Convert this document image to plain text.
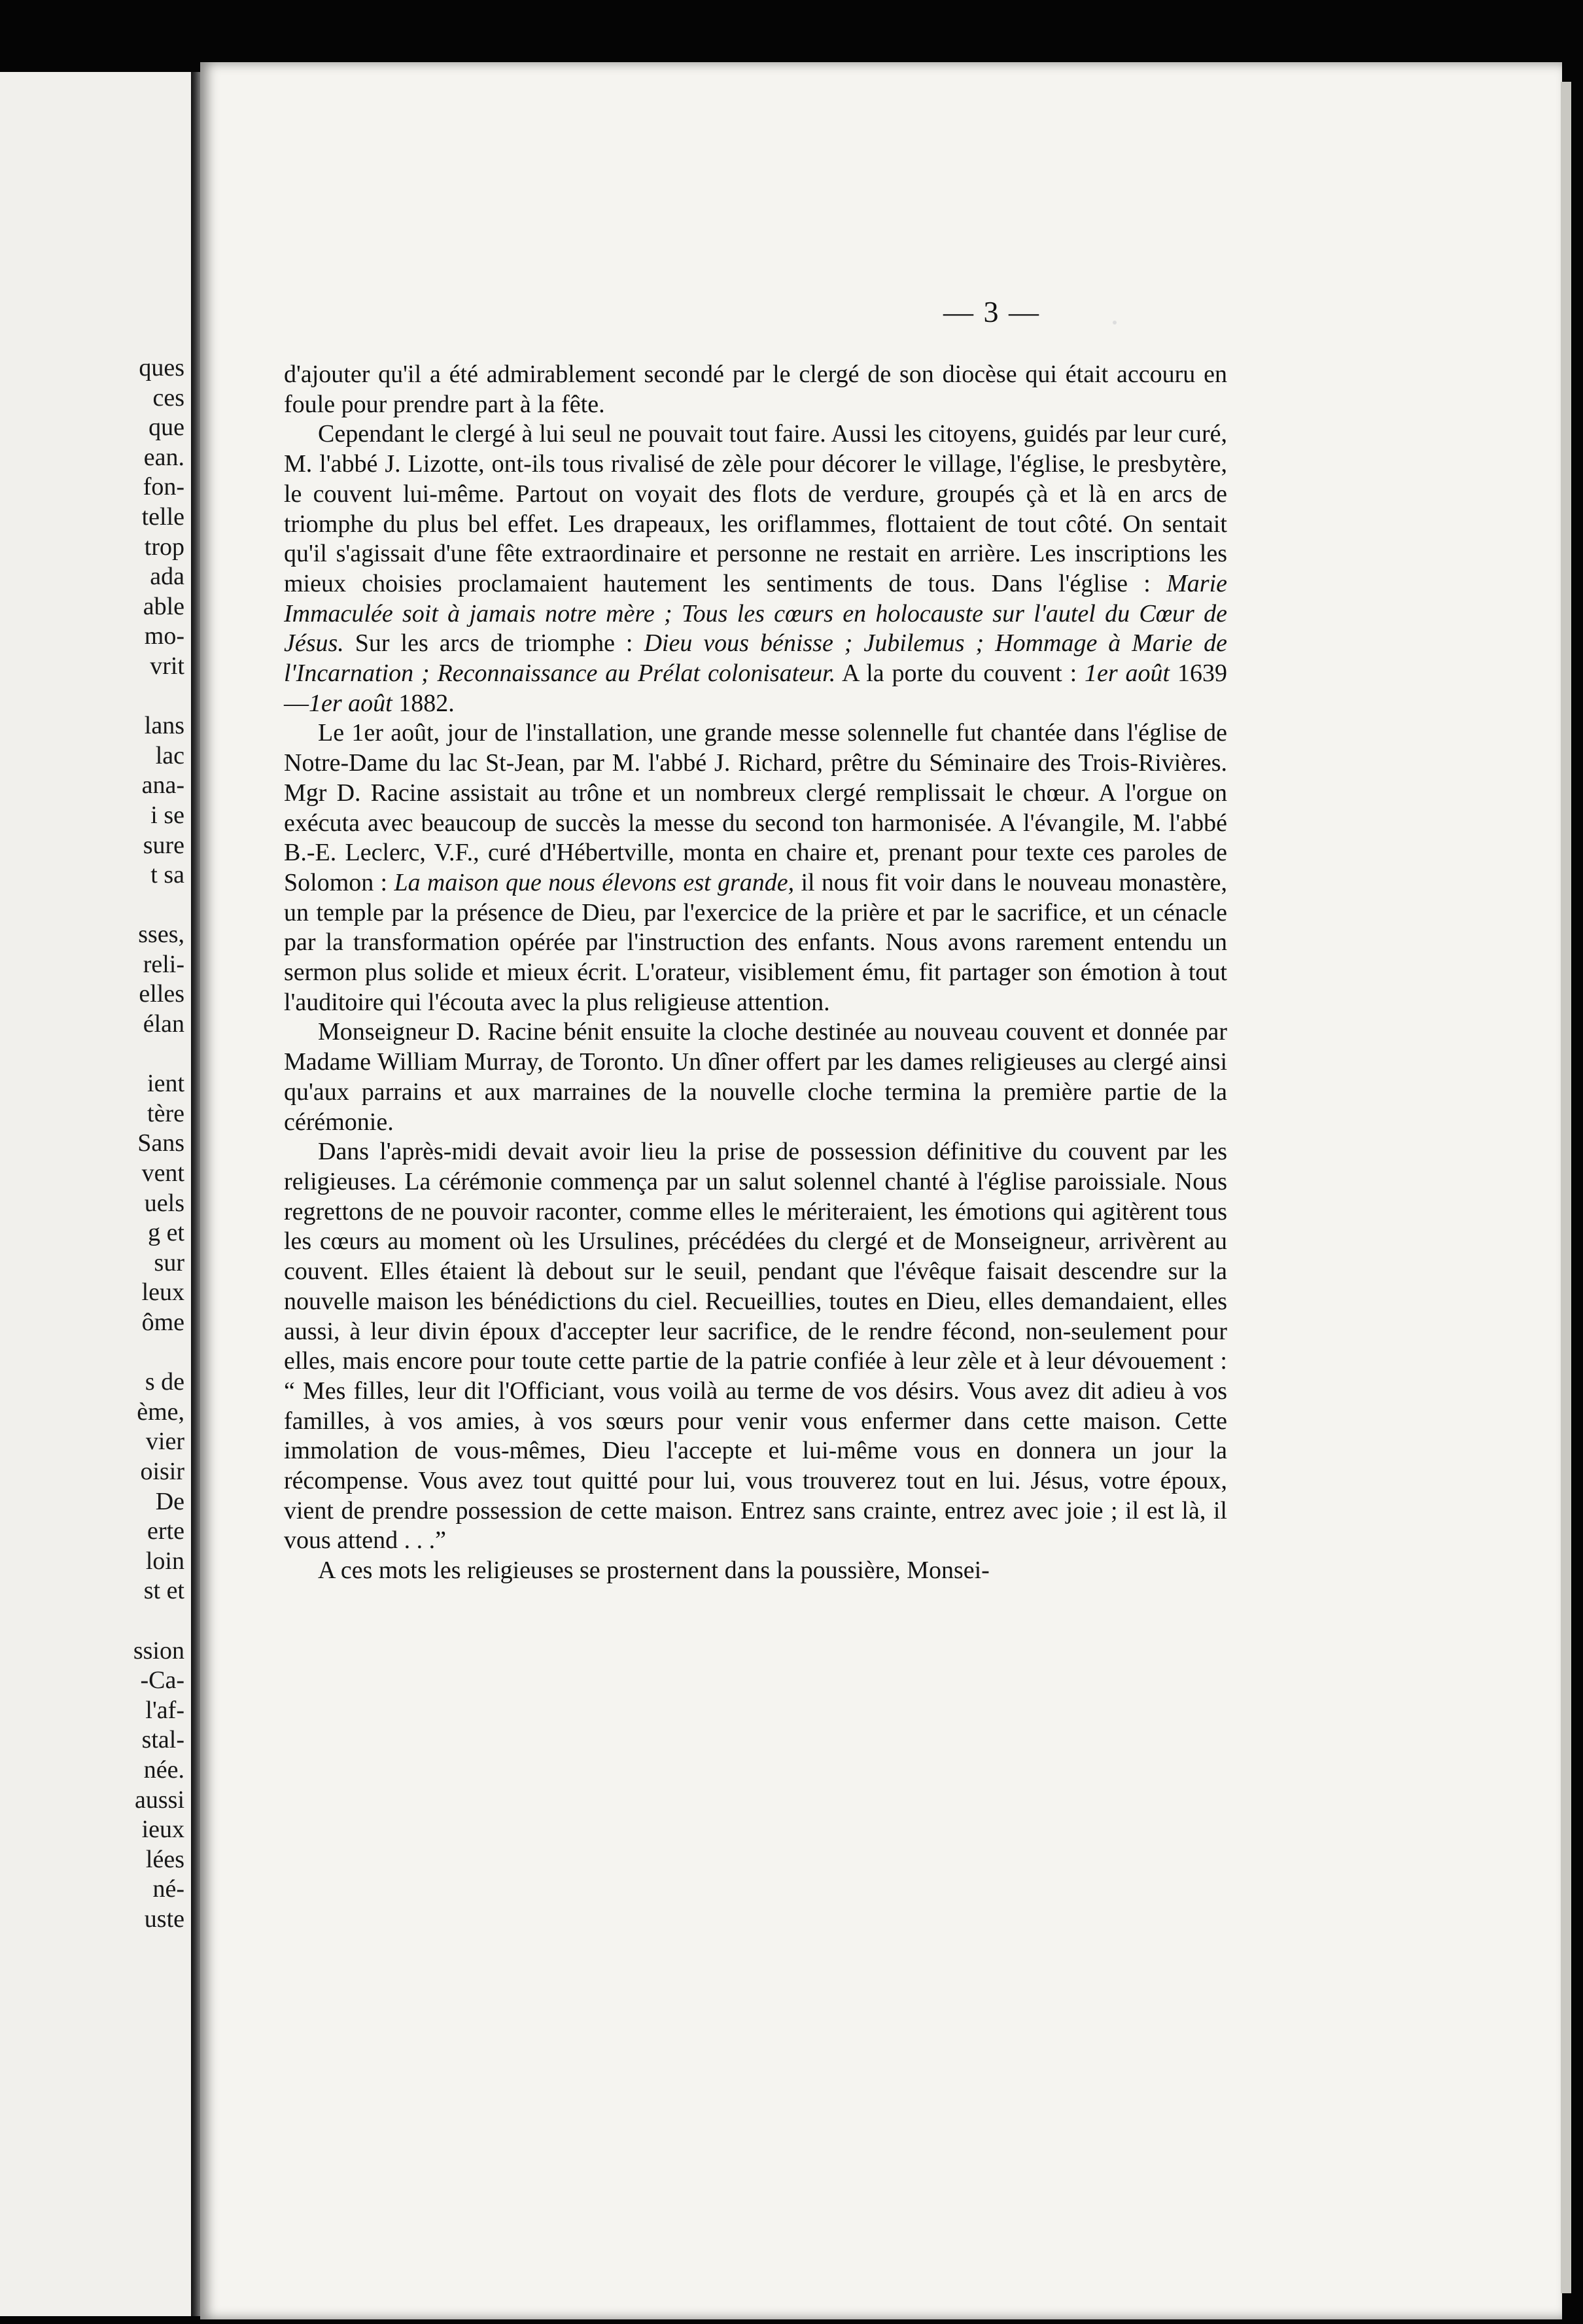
ques
ces
que
ean.
fon-
telle
trop
ada
able
mo-
vrit
lans
lac
ana-
i se
sure
t sa
sses,
reli-
elles
élan
ient
tère
Sans
vent
uels
g et
sur
leux
ôme
s de
ème,
vier
oisir
De
erte
loin
st et
ssion
-Ca-
l'af-
stal-
née.
aussi
ieux
lées
né-
uste
— 3 —

d'ajouter qu'il a été admirablement secondé par le clergé de son diocèse qui était accouru en foule pour prendre part à la fête.

Cependant le clergé à lui seul ne pouvait tout faire. Aussi les citoyens, guidés par leur curé, M. l'abbé J. Lizotte, ont-ils tous rivalisé de zèle pour décorer le village, l'église, le presbytère, le couvent lui-même. Partout on voyait des flots de verdure, groupés çà et là en arcs de triomphe du plus bel effet. Les drapeaux, les oriflammes, flottaient de tout côté. On sentait qu'il s'agissait d'une fête extraordinaire et personne ne restait en arrière. Les inscriptions les mieux choisies proclamaient hautement les sentiments de tous. Dans l'église : Marie Immaculée soit à jamais notre mère ; Tous les cœurs en holocauste sur l'autel du Cœur de Jésus. Sur les arcs de triomphe : Dieu vous bénisse ; Jubilemus ; Hommage à Marie de l'Incarnation ; Reconnaissance au Prélat colonisateur. A la porte du couvent : 1er août 1639—1er août 1882.

Le 1er août, jour de l'installation, une grande messe solennelle fut chantée dans l'église de Notre-Dame du lac St-Jean, par M. l'abbé J. Richard, prêtre du Séminaire des Trois-Rivières. Mgr D. Racine assistait au trône et un nombreux clergé remplissait le chœur. A l'orgue on exécuta avec beaucoup de succès la messe du second ton harmonisée. A l'évangile, M. l'abbé B.-E. Leclerc, V.F., curé d'Hébertville, monta en chaire et, prenant pour texte ces paroles de Solomon : La maison que nous élevons est grande, il nous fit voir dans le nouveau monastère, un temple par la présence de Dieu, par l'exercice de la prière et par le sacrifice, et un cénacle par la transformation opérée par l'instruction des enfants. Nous avons rarement entendu un sermon plus solide et mieux écrit. L'orateur, visiblement ému, fit partager son émotion à tout l'auditoire qui l'écouta avec la plus religieuse attention.

Monseigneur D. Racine bénit ensuite la cloche destinée au nouveau couvent et donnée par Madame William Murray, de Toronto. Un dîner offert par les dames religieuses au clergé ainsi qu'aux parrains et aux marraines de la nouvelle cloche termina la première partie de la cérémonie.

Dans l'après-midi devait avoir lieu la prise de possession définitive du couvent par les religieuses. La cérémonie commença par un salut solennel chanté à l'église paroissiale. Nous regrettons de ne pouvoir raconter, comme elles le mériteraient, les émotions qui agitèrent tous les cœurs au moment où les Ursulines, précédées du clergé et de Monseigneur, arrivèrent au couvent. Elles étaient là debout sur le seuil, pendant que l'évêque faisait descendre sur la nouvelle maison les bénédictions du ciel. Recueillies, toutes en Dieu, elles demandaient, elles aussi, à leur divin époux d'accepter leur sacrifice, de le rendre fécond, non-seulement pour elles, mais encore pour toute cette partie de la patrie confiée à leur zèle et à leur dévouement : “ Mes filles, leur dit l'Officiant, vous voilà au terme de vos désirs. Vous avez dit adieu à vos familles, à vos amies, à vos sœurs pour venir vous enfermer dans cette maison. Cette immolation de vous-mêmes, Dieu l'accepte et lui-même vous en donnera un jour la récompense. Vous avez tout quitté pour lui, vous trouverez tout en lui. Jésus, votre époux, vient de prendre possession de cette maison. Entrez sans crainte, entrez avec joie ; il est là, il vous attend . . .”

A ces mots les religieuses se prosternent dans la poussière, Monsei-
